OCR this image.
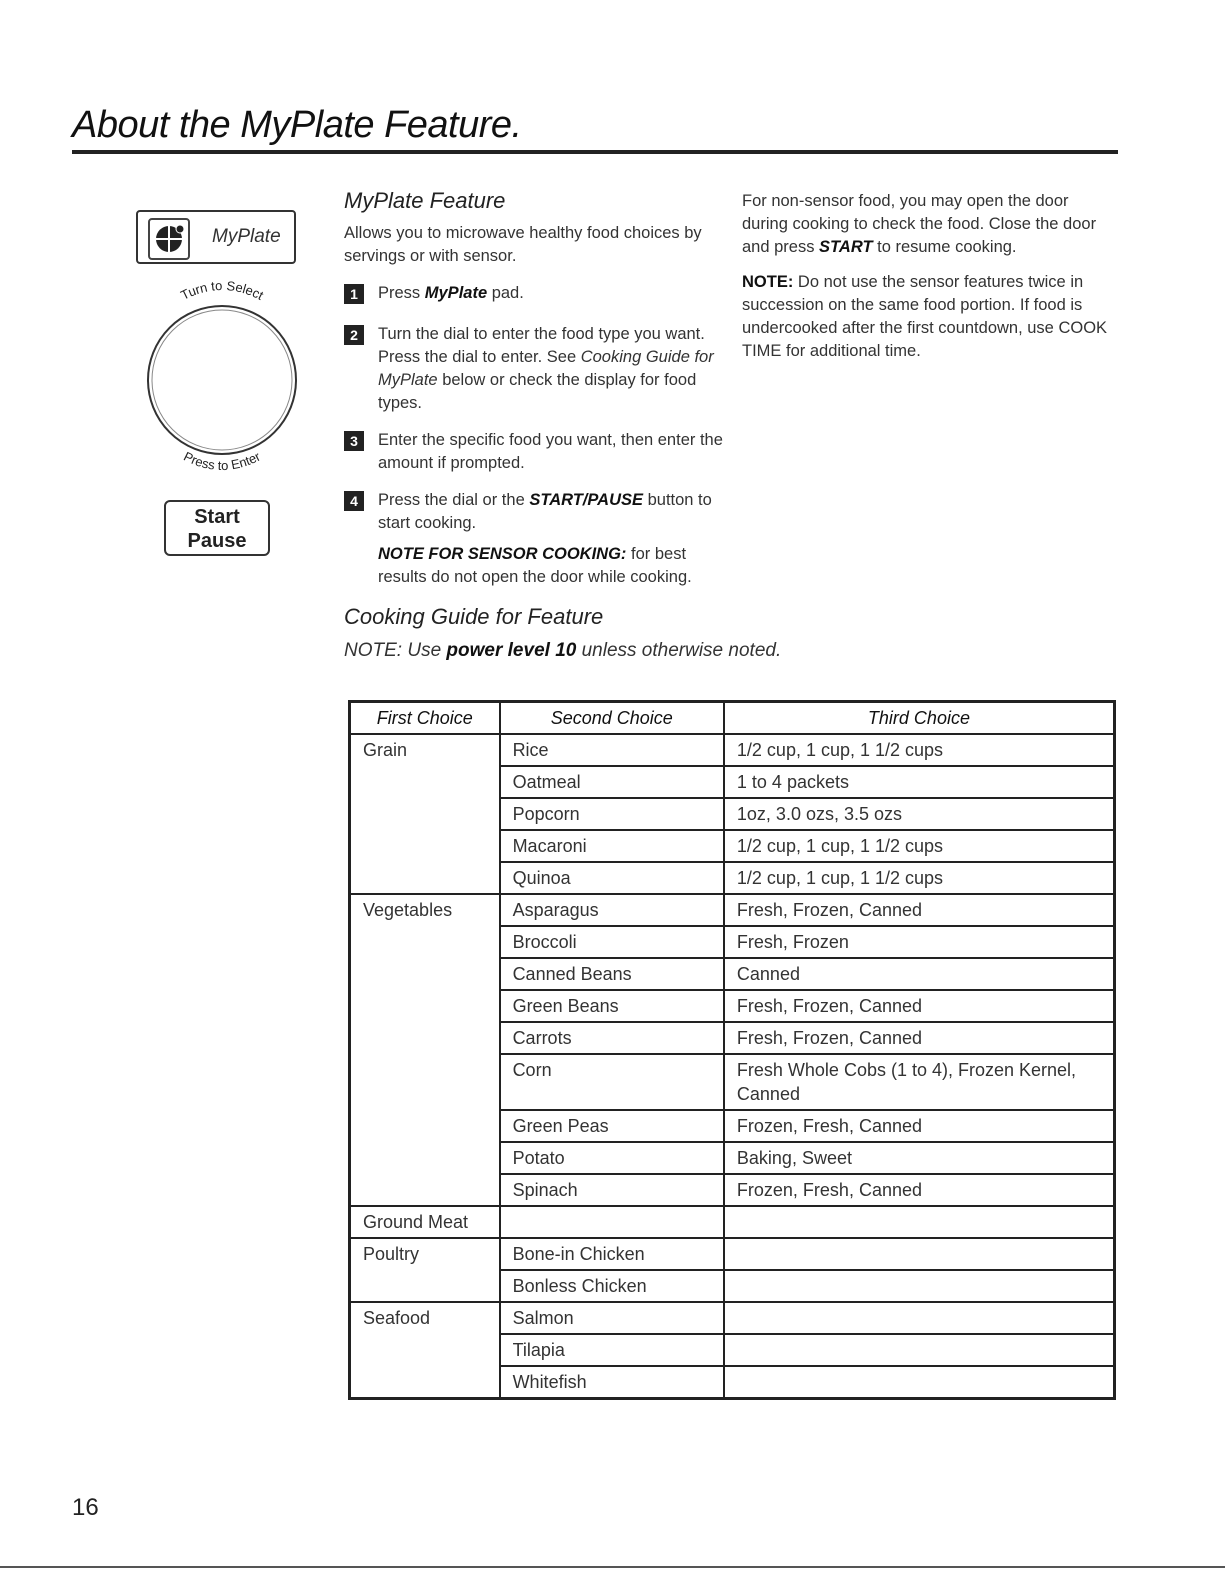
About the MyPlate Feature.
MyPlate
Turn to Select
Press to Enter
Start
Pause
MyPlate Feature

Allows you to microwave healthy food choices by servings or with sensor.

1	Press MyPlate pad.
2	Turn the dial to enter the food type you want. Press the dial to enter. See Cooking Guide for MyPlate below or check the display for food types.
3	Enter the specific food you want, then enter the amount if prompted.
4	Press the dial or the START/PAUSE button to start cooking.
NOTE FOR SENSOR COOKING: for best results do not open the door while cooking.

For non-sensor food, you may open the door during cooking to check the food. Close the door and press START to resume cooking.

NOTE: Do not use the sensor features twice in succession on the same food portion. If food is undercooked after the first countdown, use COOK TIME for additional time.

Cooking Guide for Feature
NOTE: Use power level 10 unless otherwise noted.
First Choice	Second Choice	Third Choice
Grain	Rice	1/2 cup, 1 cup, 1 1/2 cups
	Oatmeal	1 to 4 packets
	Popcorn	1oz, 3.0 ozs, 3.5 ozs
	Macaroni	1/2 cup, 1 cup, 1 1/2 cups
	Quinoa	1/2 cup, 1 cup, 1 1/2 cups
Vegetables	Asparagus	Fresh, Frozen, Canned
	Broccoli	Fresh, Frozen
	Canned Beans	Canned
	Green Beans	Fresh, Frozen, Canned
	Carrots	Fresh, Frozen, Canned
	Corn	Fresh Whole Cobs (1 to 4), Frozen Kernel, Canned
	Green Peas	Frozen, Fresh, Canned
	Potato	Baking, Sweet
	Spinach	Frozen, Fresh, Canned
Ground Meat		
Poultry	Bone-in Chicken	
	Bonless Chicken	
Seafood	Salmon	
	Tilapia	
	Whitefish	
16
